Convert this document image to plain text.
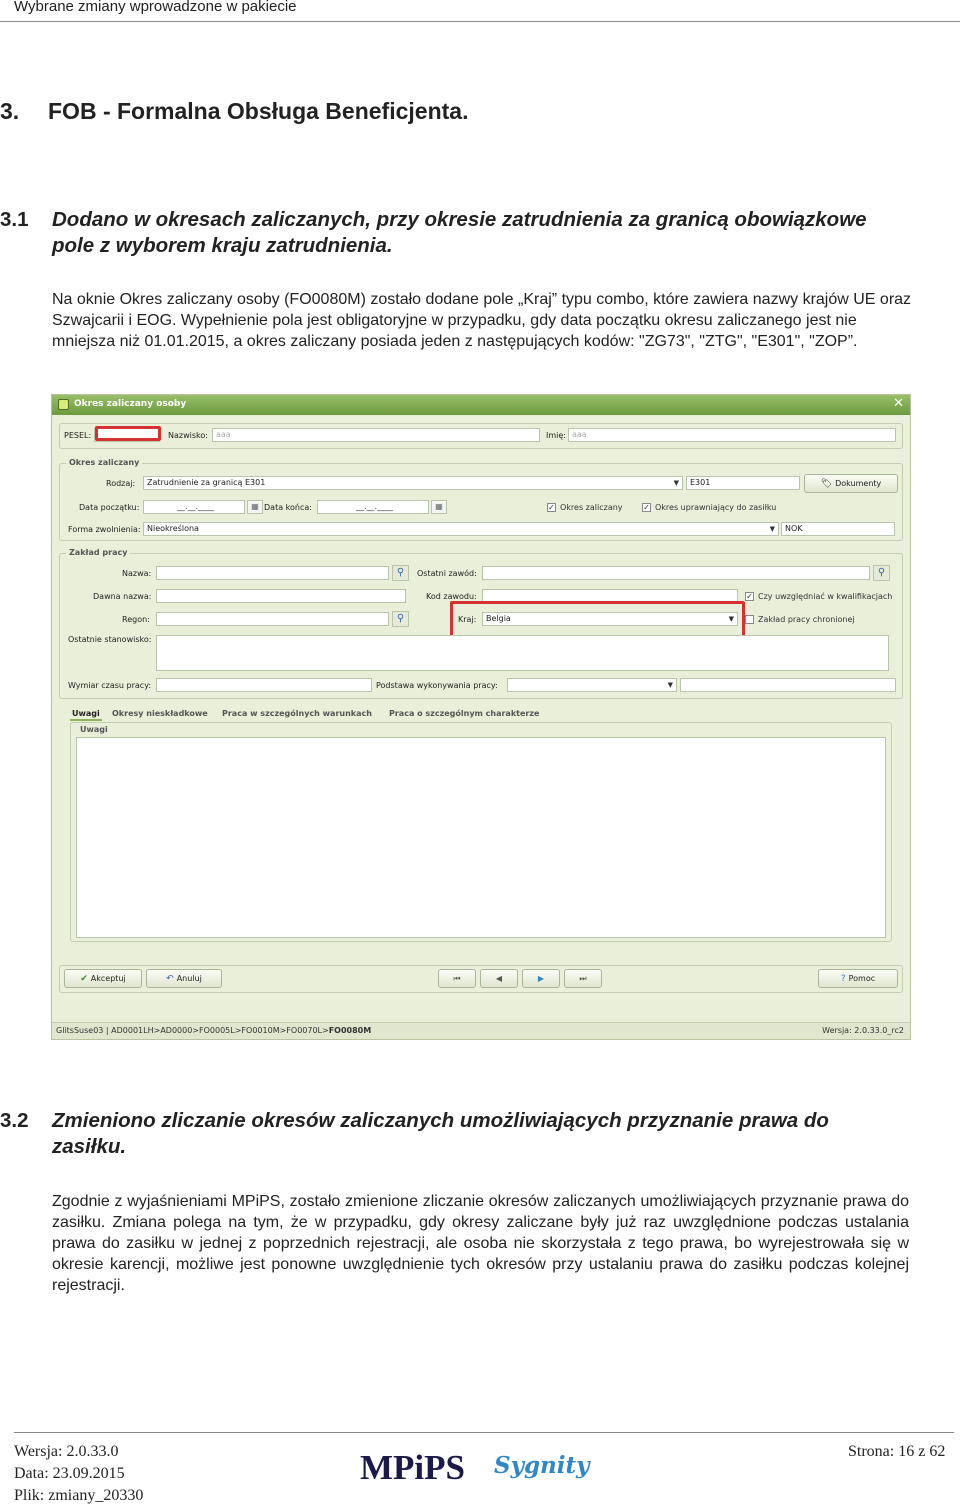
Wybrane zmiany wprowadzone w pakiecie
3. FOB - Formalna Obsługa Beneficjenta.
3.1	Dodano w okresach zaliczanych, przy okresie zatrudnienia za granicą obowiązkowe pole z wyborem kraju zatrudnienia.
Na oknie Okres zaliczany osoby (FO0080M) zostało dodane pole „Kraj” typu combo, które zawiera nazwy krajów UE oraz Szwajcarii i EOG. Wypełnienie pola jest obligatoryjne w przypadku, gdy data początku okresu zaliczanego jest nie mniejsza niż 01.01.2015, a okres zaliczany posiada jeden z następujących kodów: "ZG73", "ZTG", "E301", "ZOP”.
Okres zaliczany osoby	✕
PESEL:	Nazwisko:	aaa	Imię: aaa
Okres zaliczany
Rodzaj:	Zatrudnienie za granicą E301	▼	E301	🏷 Dokumenty
Data początku:	__.__.____	▦ Data końca:	__.__.____	▦	✓ Okres zaliczany	✓ Okres uprawniający do zasiłku
Forma zwolnienia: Nieokreślona	▼	NOK
Zakład pracy
Nazwa:	⚲	Ostatni zawód:	⚲
Dawna nazwa:	Kod zawodu:	✓ Czy uwzględniać w kwalifikacjach
Regon:	⚲	Kraj:	Belgia	▼	Zakład pracy chronionej
Ostatnie stanowisko:
Wymiar czasu pracy:	Podstawa wykonywania pracy:	▼
Uwagi Okresy nieskładkowe Praca w szczególnych warunkach Praca o szczególnym charakterze
Uwagi
✔ Akceptuj	↶ Anuluj	⏮	◀	▶	⏭	? Pomoc
GlitsSuse03 | AD0001LH>AD0000>FO0005L>FO0010M>FO0070L>FO0080M	Wersja: 2.0.33.0_rc2
3.2	Zmieniono zliczanie okresów zaliczanych umożliwiających przyznanie prawa do zasiłku.
Zgodnie z wyjaśnieniami MPiPS, zostało zmienione zliczanie okresów zaliczanych umożliwiających przyznanie prawa do zasiłku. Zmiana polega na tym, że w przypadku, gdy okresy zaliczane były już raz uwzględnione podczas ustalania prawa do zasiłku w jednej z poprzednich rejestracji, ale osoba nie skorzystała z tego prawa, bo wyrejestrowała się w okresie karencji, możliwe jest ponowne uwzględnienie tych okresów przy ustalaniu prawa do zasiłku podczas kolejnej rejestracji.
Wersja: 2.0.33.0
Data: 23.09.2015
Plik: zmiany_20330
MPiPS Sygnity
Strona: 16 z 62
